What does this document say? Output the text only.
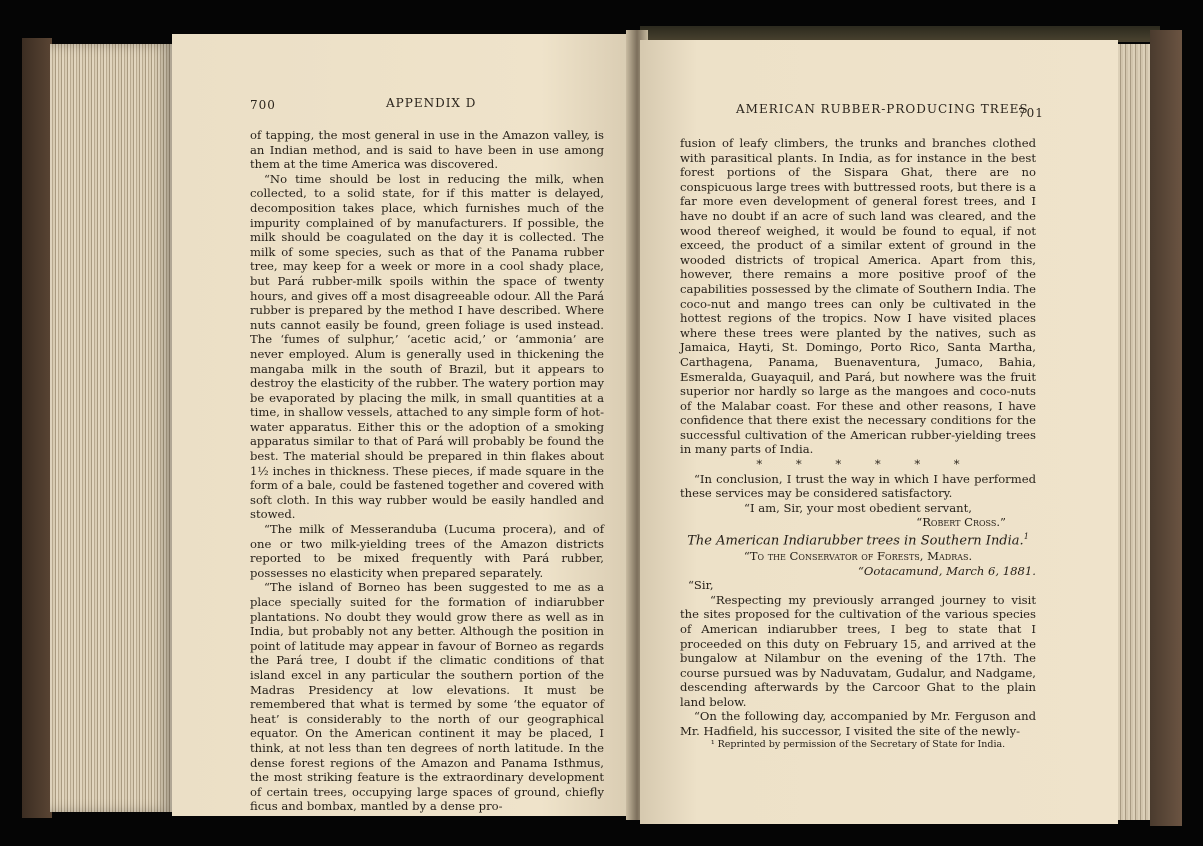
700	APPENDIX D

of tapping, the most general in use in the Amazon valley, is an Indian method, and is said to have been in use among them at the time America was discovered.

“No time should be lost in reducing the milk, when collected, to a solid state, for if this matter is delayed, decomposition takes place, which furnishes much of the impurity complained of by manufacturers. If possible, the milk should be coagulated on the day it is collected. The milk of some species, such as that of the Panama rubber tree, may keep for a week or more in a cool shady place, but Pará rubber-milk spoils within the space of twenty hours, and gives off a most disagreeable odour. All the Pará rubber is prepared by the method I have described. Where nuts cannot easily be found, green foliage is used instead. The ‘fumes of sulphur,’ ‘acetic acid,’ or ‘ammonia’ are never employed. Alum is generally used in thickening the mangaba milk in the south of Brazil, but it appears to destroy the elasticity of the rubber. The watery portion may be evaporated by placing the milk, in small quantities at a time, in shallow vessels, attached to any simple form of hot-water apparatus. Either this or the adoption of a smoking apparatus similar to that of Pará will probably be found the best. The material should be prepared in thin flakes about 1½ inches in thickness. These pieces, if made square in the form of a bale, could be fastened together and covered with soft cloth. In this way rubber would be easily handled and stowed.

“The milk of Messeranduba (Lucuma procera), and of one or two milk-yielding trees of the Amazon districts reported to be mixed frequently with Pará rubber, possesses no elasticity when prepared separately.

“The island of Borneo has been suggested to me as a place specially suited for the formation of indiarubber plantations. No doubt they would grow there as well as in India, but probably not any better. Although the position in point of latitude may appear in favour of Borneo as regards the Pará tree, I doubt if the climatic conditions of that island excel in any particular the southern portion of the Madras Presidency at low elevations. It must be remembered that what is termed by some ‘the equator of heat’ is considerably to the north of our geographical equator. On the American continent it may be placed, I think, at not less than ten degrees of north latitude. In the dense forest regions of the Amazon and Panama Isthmus, the most striking feature is the extraordinary development of certain trees, occupying large spaces of ground, chiefly ficus and bombax, mantled by a dense pro-

AMERICAN RUBBER-PRODUCING TREES
701

fusion of leafy climbers, the trunks and branches clothed with parasitical plants. In India, as for instance in the best forest portions of the Sispara Ghat, there are no conspicuous large trees with buttressed roots, but there is a far more even development of general forest trees, and I have no doubt if an acre of such land was cleared, and the wood thereof weighed, it would be found to equal, if not exceed, the product of a similar extent of ground in the wooded districts of tropical America. Apart from this, however, there remains a more positive proof of the capabilities possessed by the climate of Southern India. The coco-nut and mango trees can only be cultivated in the hottest regions of the tropics. Now I have visited places where these trees were planted by the natives, such as Jamaica, Hayti, St. Domingo, Porto Rico, Santa Martha, Carthagena, Panama, Buenaventura, Jumaco, Bahia, Esmeralda, Guayaquil, and Pará, but nowhere was the fruit superior nor hardly so large as the mangoes and coco-nuts of the Malabar coast. For these and other reasons, I have confidence that there exist the necessary conditions for the successful cultivation of the American rubber-yielding trees in many parts of India.

* * * * * *

“In conclusion, I trust the way in which I have performed these services may be considered satisfactory.

“I am, Sir, your most obedient servant,

“Robert Cross.”

The American Indiarubber trees in Southern India.$^1$

“To the Conservator of Forests, Madras.

“Ootacamund, March 6, 1881.

“Sir,

“Respecting my previously arranged journey to visit the sites proposed for the cultivation of the various species of American indiarubber trees, I beg to state that I proceeded on this duty on February 15, and arrived at the bungalow at Nilambur on the evening of the 17th. The course pursued was by Naduvatam, Gudalur, and Nadgame, descending afterwards by the Carcoor Ghat to the plain land below.

“On the following day, accompanied by Mr. Ferguson and Mr. Hadfield, his successor, I visited the site of the newly-

¹ Reprinted by permission of the Secretary of State for India.
